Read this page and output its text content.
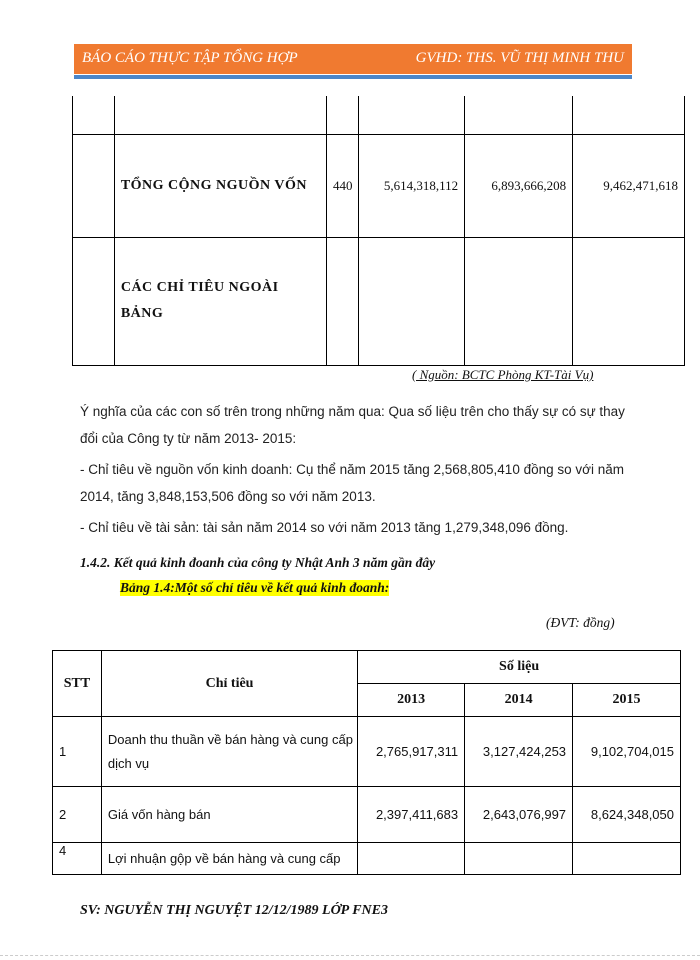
BÁO CÁO THỰC TẬP TỔNG HỢP	GVHD: THS. VŨ THỊ MINH THU

	TỔNG CỘNG NGUỒN VỐN	440	5,614,318,112	6,893,666,208	9,462,471,618
	CÁC CHỈ TIÊU NGOÀI BẢNG				
( Nguồn: BCTC Phòng KT-Tài Vụ)
Ý nghĩa của các con số trên trong những năm qua: Qua số liệu trên cho thấy sự có sự thay đổi của Công ty từ năm 2013- 2015:
- Chỉ tiêu về nguồn vốn kinh doanh: Cụ thể năm 2015 tăng 2,568,805,410 đồng so với năm 2014, tăng 3,848,153,506 đồng so với năm 2013.
- Chỉ tiêu về tài sản: tài sản năm 2014 so với năm 2013 tăng 1,279,348,096 đồng.
1.4.2. Kết quả kinh đoanh của công ty Nhật Anh 3 năm gần đây
Bảng 1.4:Một số chỉ tiêu về kết quả kinh đoanh:
(ĐVT: đồng)
STT	Chỉ tiêu	Số liệu		
		2013	2014	2015
1	Doanh thu thuần về bán hàng và cung cấp dịch vụ	2,765,917,311	3,127,424,253	9,102,704,015
2	Giá vốn hàng bán	2,397,411,683	2,643,076,997	8,624,348,050
4	Lợi nhuận gộp về bán hàng và cung cấp			
SV: NGUYỄN THỊ NGUYỆT 12/12/1989 LỚP FNE3
